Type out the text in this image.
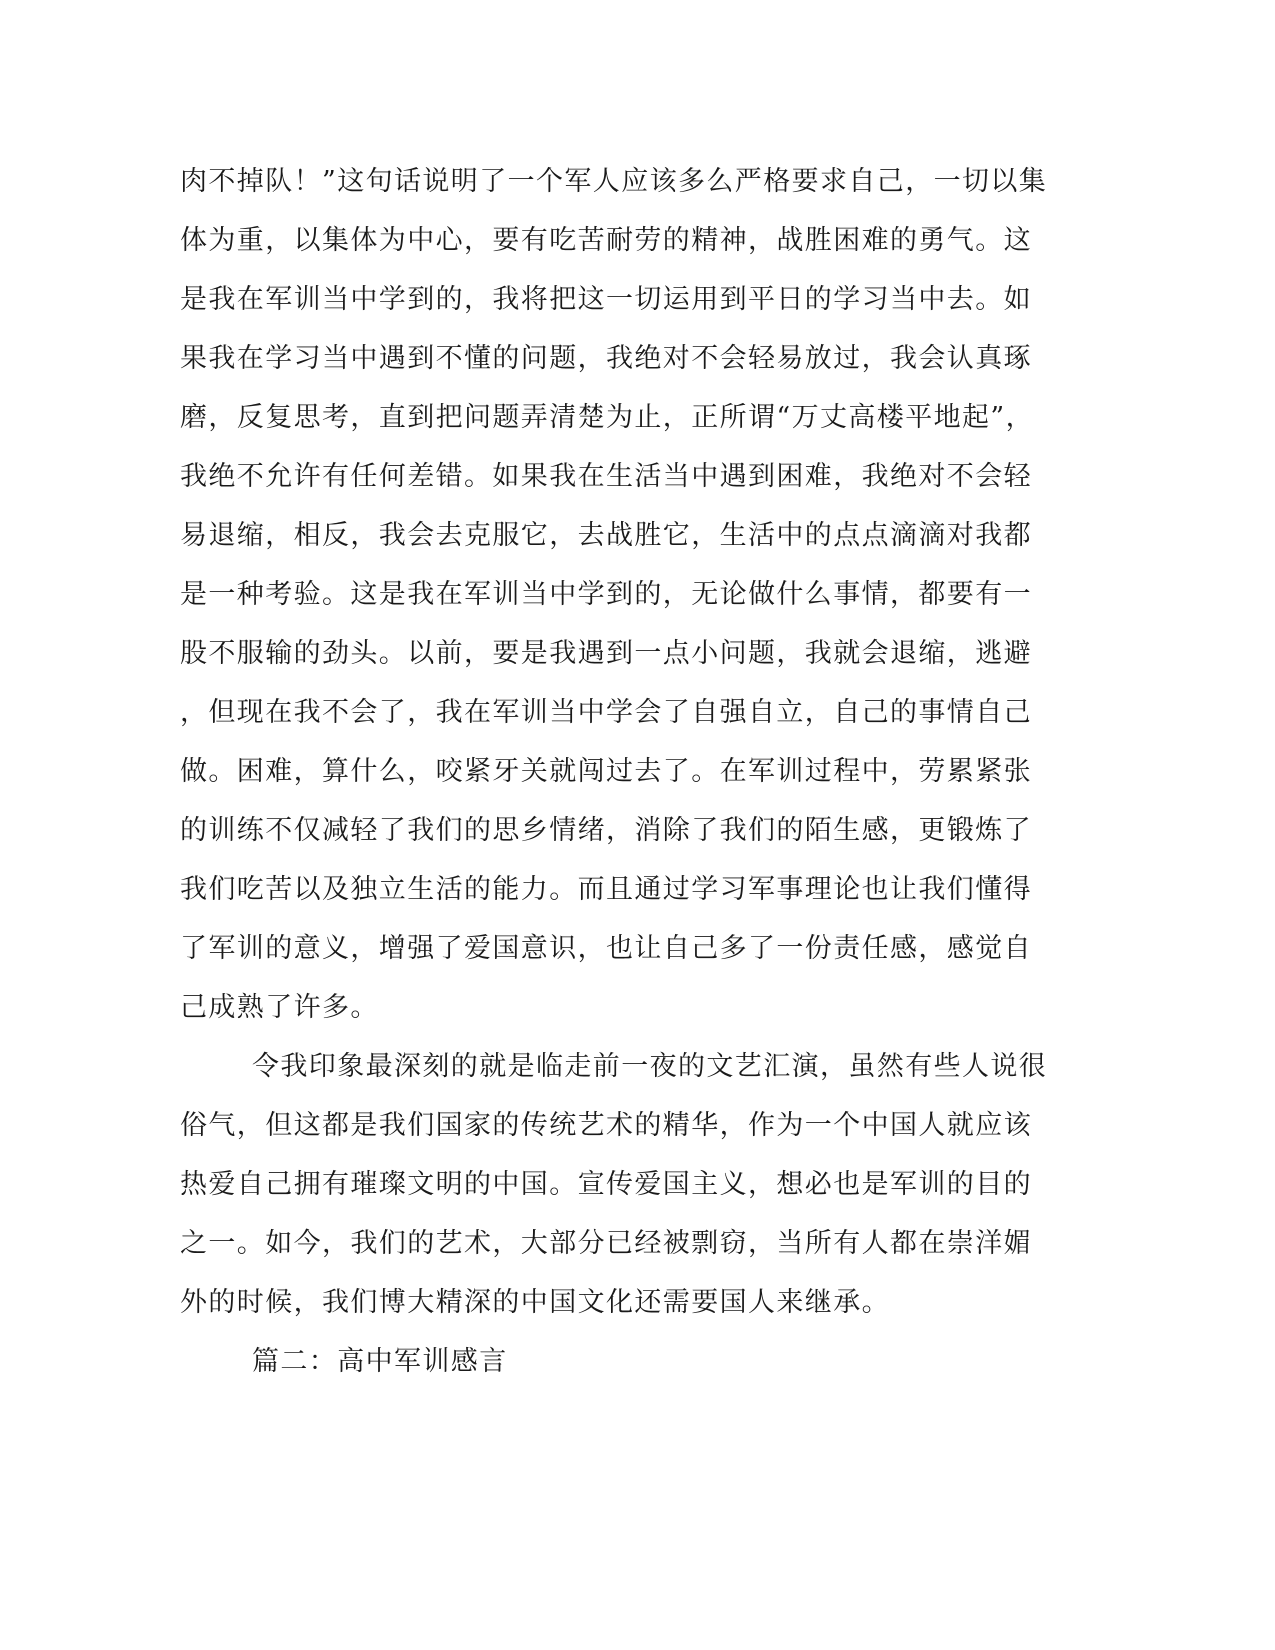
肉不掉队！”这句话说明了一个军人应该多么严格要求自己，一切以集
体为重，以集体为中心，要有吃苦耐劳的精神，战胜困难的勇气。这
是我在军训当中学到的，我将把这一切运用到平日的学习当中去。如
果我在学习当中遇到不懂的问题，我绝对不会轻易放过，我会认真琢
磨，反复思考，直到把问题弄清楚为止，正所谓“万丈高楼平地起”，
我绝不允许有任何差错。如果我在生活当中遇到困难，我绝对不会轻
易退缩，相反，我会去克服它，去战胜它，生活中的点点滴滴对我都
是一种考验。这是我在军训当中学到的，无论做什么事情，都要有一
股不服输的劲头。以前，要是我遇到一点小问题，我就会退缩，逃避
，但现在我不会了，我在军训当中学会了自强自立，自己的事情自己
做。困难，算什么，咬紧牙关就闯过去了。在军训过程中，劳累紧张
的训练不仅减轻了我们的思乡情绪，消除了我们的陌生感，更锻炼了
我们吃苦以及独立生活的能力。而且通过学习军事理论也让我们懂得
了军训的意义，增强了爱国意识，也让自己多了一份责任感，感觉自
己成熟了许多。
令我印象最深刻的就是临走前一夜的文艺汇演，虽然有些人说很
俗气，但这都是我们国家的传统艺术的精华，作为一个中国人就应该
热爱自己拥有璀璨文明的中国。宣传爱国主义，想必也是军训的目的
之一。如今，我们的艺术，大部分已经被剽窃，当所有人都在崇洋媚
外的时候，我们博大精深的中国文化还需要国人来继承。
篇二：高中军训感言
